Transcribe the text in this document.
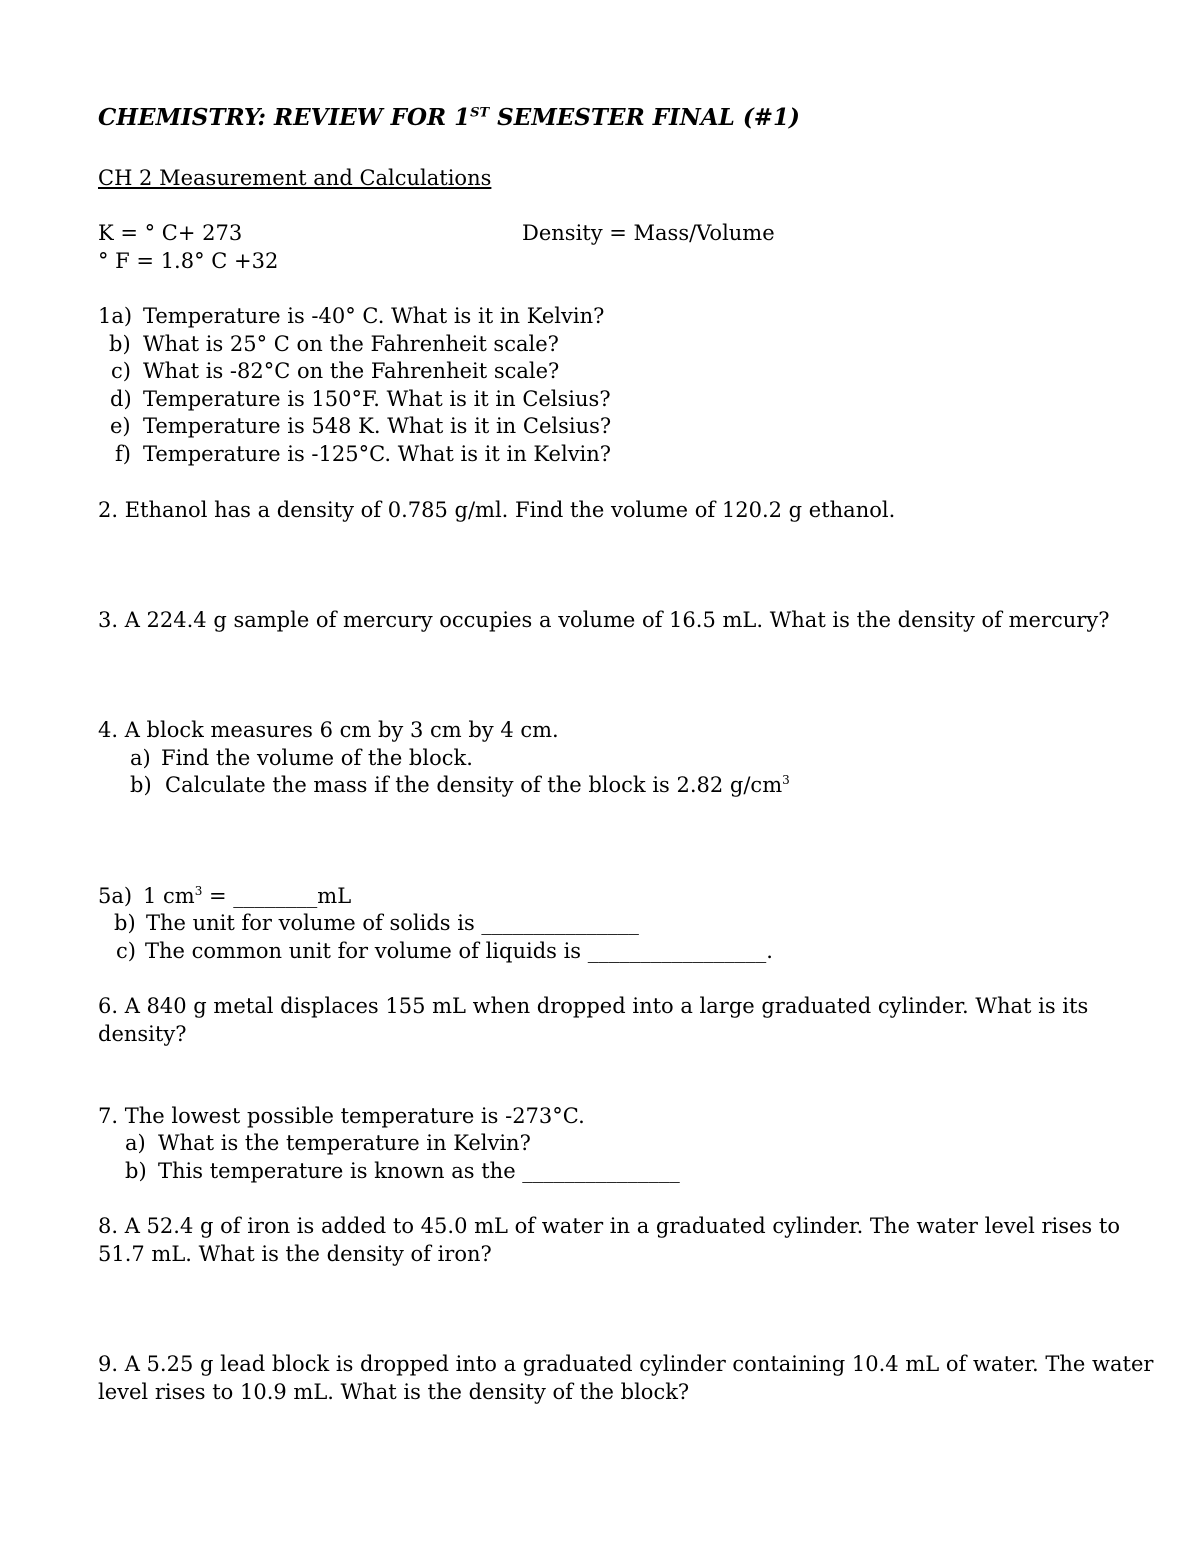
CHEMISTRY: REVIEW FOR 1ST SEMESTER FINAL (#1)
CH 2 Measurement and Calculations
K = ° C+ 273	Density = Mass/Volume
° F = 1.8° C +32
1a) Temperature is -40° C. What is it in Kelvin?
b) What is 25° C on the Fahrenheit scale?
c) What is -82°C on the Fahrenheit scale?
d) Temperature is 150°F. What is it in Celsius?
e) Temperature is 548 K. What is it in Celsius?
f) Temperature is -125°C. What is it in Kelvin?
2. Ethanol has a density of 0.785 g/ml. Find the volume of 120.2 g ethanol.
3. A 224.4 g sample of mercury occupies a volume of 16.5 mL. What is the density of mercury?
4. A block measures 6 cm by 3 cm by 4 cm.
a) Find the volume of the block.
b) Calculate the mass if the density of the block is 2.82 $g/cm^3$
5a) 1 $cm^3$ = ________mL
b) The unit for volume of solids is _______________
c) The common unit for volume of liquids is _________________.
6. A 840 g metal displaces 155 mL when dropped into a large graduated cylinder. What is its
density?
7. The lowest possible temperature is -273°C.
a) What is the temperature in Kelvin?
b) This temperature is known as the _______________
8. A 52.4 g of iron is added to 45.0 mL of water in a graduated cylinder. The water level rises to
51.7 mL. What is the density of iron?
9. A 5.25 g lead block is dropped into a graduated cylinder containing 10.4 mL of water. The water
level rises to 10.9 mL. What is the density of the block?
